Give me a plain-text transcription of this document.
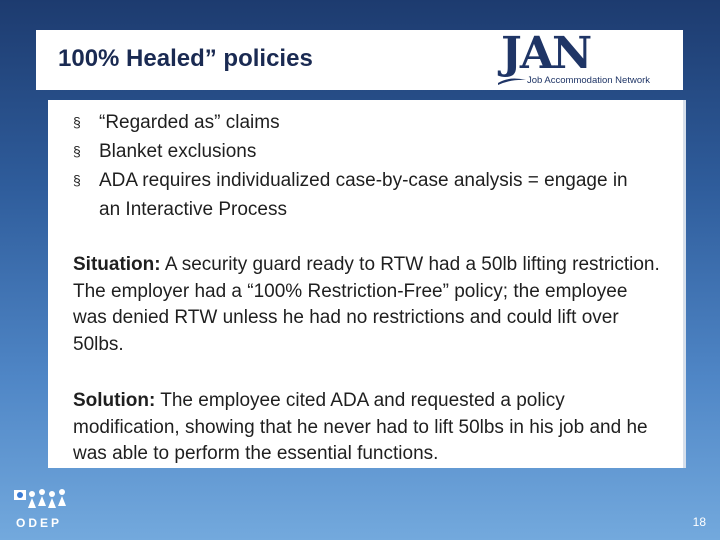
100% Healed” policies	JAN
Job Accommodation Network
§ “Regarded as” claims
§ Blanket exclusions
§ ADA requires individualized case-by-case analysis = engage in an Interactive Process
Situation: A security guard ready to RTW had a 50lb lifting restriction. The employer had a “100% Restriction-Free” policy; the employee was denied RTW unless he had no restrictions and could lift over 50lbs.
Solution: The employee cited ADA and requested a policy modification, showing that he never had to lift 50lbs in his job and he was able to perform the essential functions.
ODEP	18
